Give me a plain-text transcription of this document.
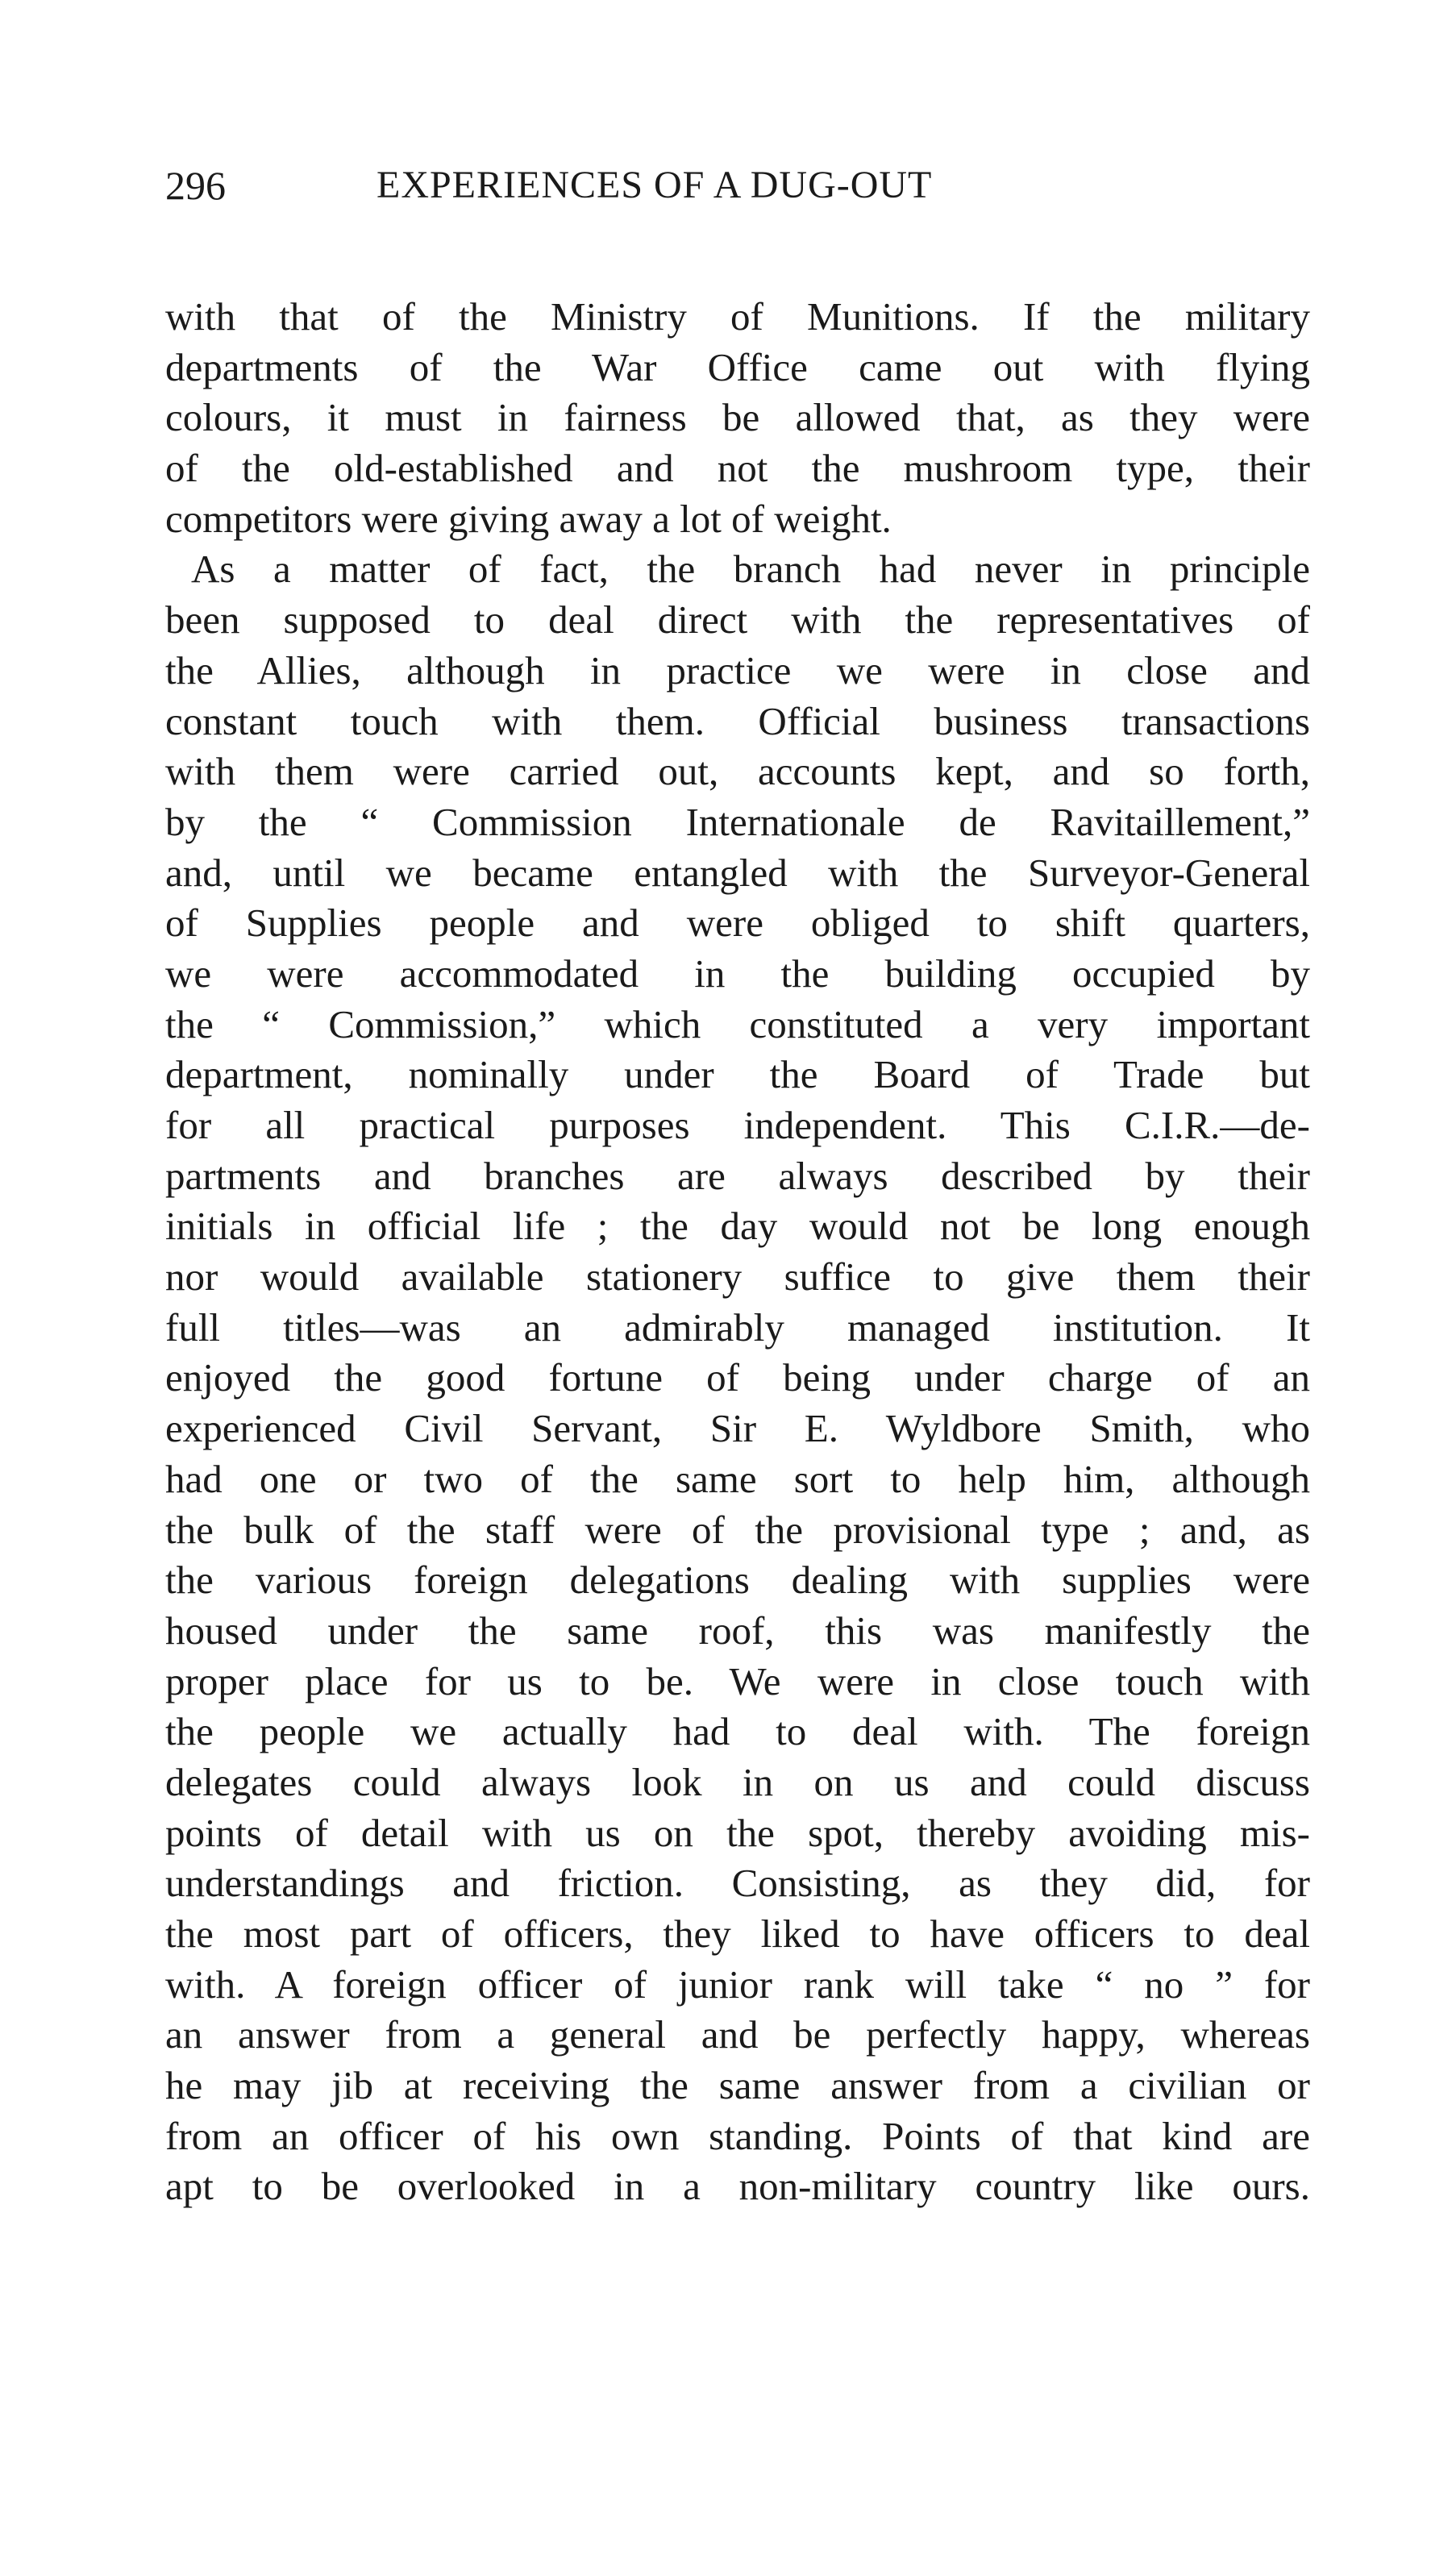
296	EXPERIENCES OF A DUG-OUT
with that of the Ministry of Munitions. If the military
departments of the War Office came out with flying
colours, it must in fairness be allowed that, as they were
of the old-established and not the mushroom type, their
competitors were giving away a lot of weight.
As a matter of fact, the branch had never in principle
been supposed to deal direct with the representatives of
the Allies, although in practice we were in close and
constant touch with them. Official business transactions
with them were carried out, accounts kept, and so forth,
by the “ Commission Internationale de Ravitaillement,”
and, until we became entangled with the Surveyor-General
of Supplies people and were obliged to shift quarters,
we were accommodated in the building occupied by
the “ Commission,” which constituted a very important
department, nominally under the Board of Trade but
for all practical purposes independent. This C.I.R.—de-
partments and branches are always described by their
initials in official life ; the day would not be long enough
nor would available stationery suffice to give them their
full titles—was an admirably managed institution. It
enjoyed the good fortune of being under charge of an
experienced Civil Servant, Sir E. Wyldbore Smith, who
had one or two of the same sort to help him, although
the bulk of the staff were of the provisional type ; and, as
the various foreign delegations dealing with supplies were
housed under the same roof, this was manifestly the
proper place for us to be. We were in close touch with
the people we actually had to deal with. The foreign
delegates could always look in on us and could discuss
points of detail with us on the spot, thereby avoiding mis-
understandings and friction. Consisting, as they did, for
the most part of officers, they liked to have officers to deal
with. A foreign officer of junior rank will take “ no ” for
an answer from a general and be perfectly happy, whereas
he may jib at receiving the same answer from a civilian or
from an officer of his own standing. Points of that kind are
apt to be overlooked in a non-military country like ours.
